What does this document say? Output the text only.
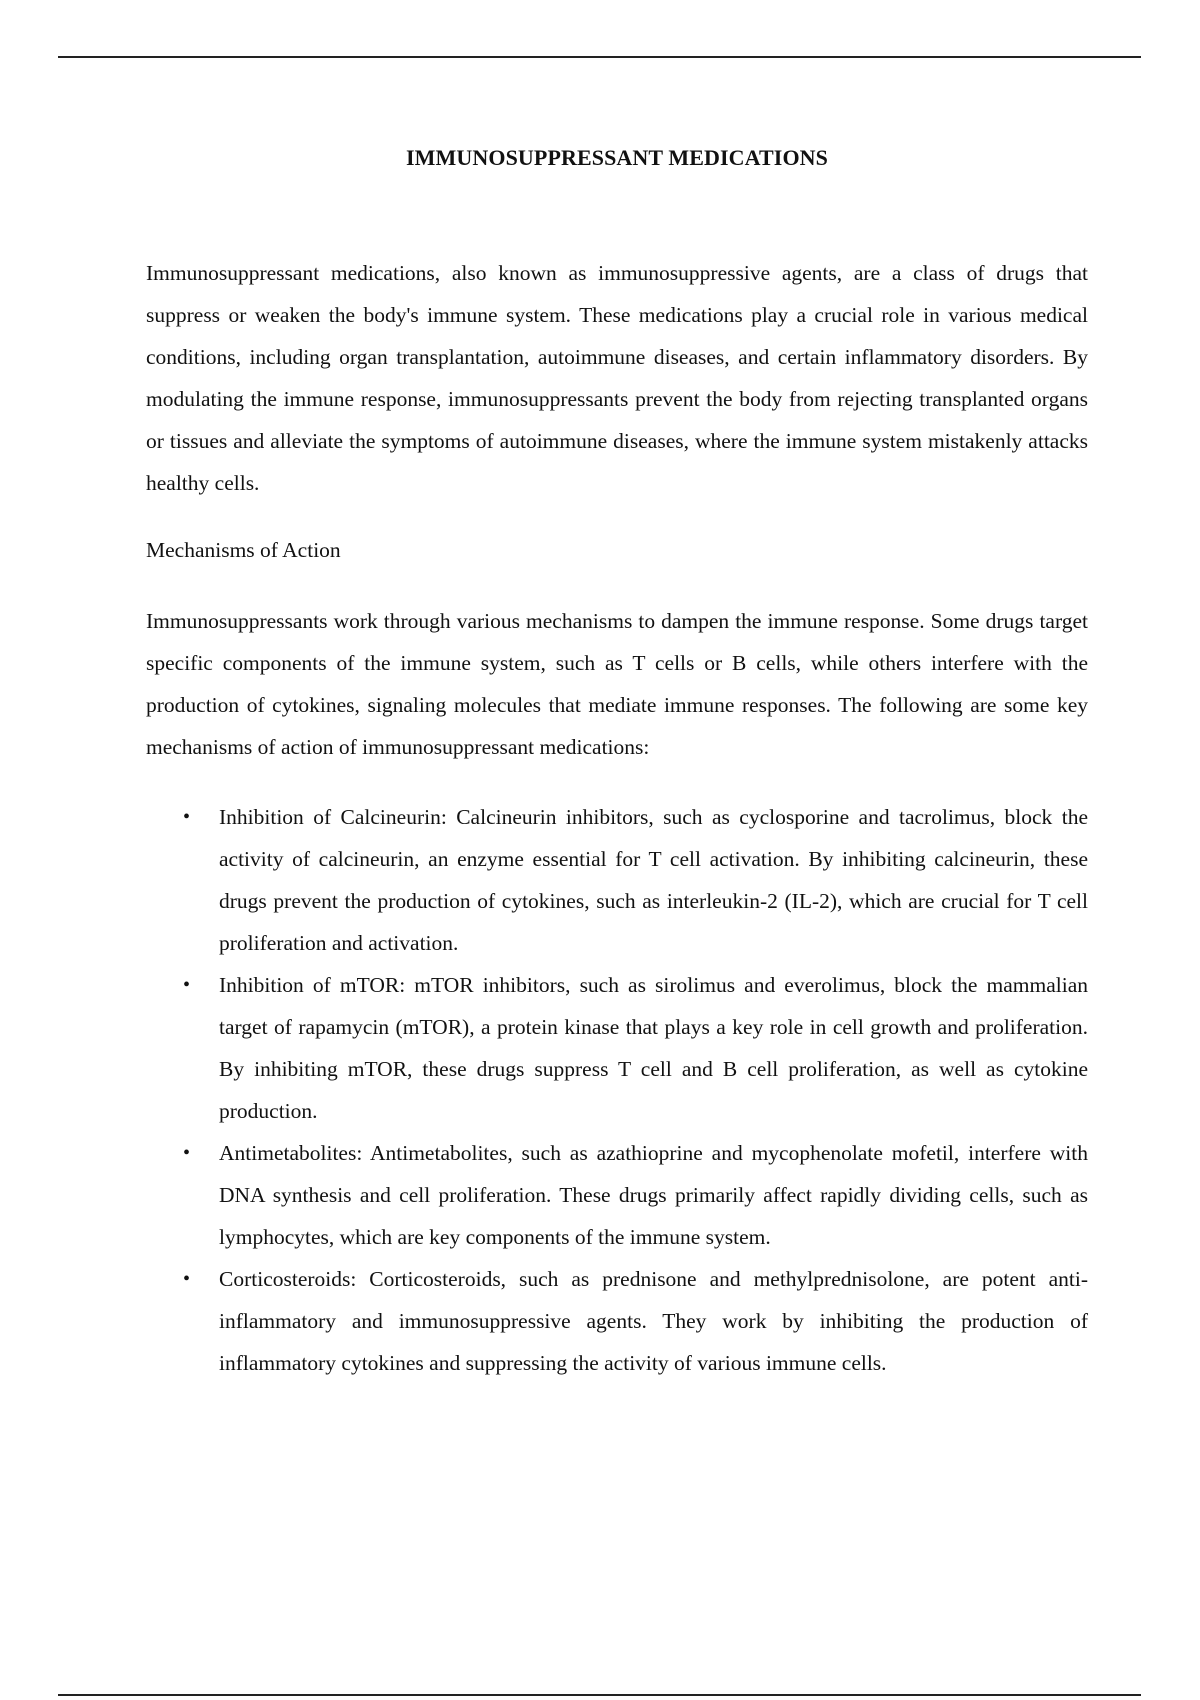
IMMUNOSUPPRESSANT MEDICATIONS

Immunosuppressant medications, also known as immunosuppressive agents, are a class of drugs that suppress or weaken the body's immune system. These medications play a crucial role in various medical conditions, including organ transplantation, autoimmune diseases, and certain inflammatory disorders. By modulating the immune response, immunosuppressants prevent the body from rejecting transplanted organs or tissues and alleviate the symptoms of autoimmune diseases, where the immune system mistakenly attacks healthy cells.

Mechanisms of Action

Immunosuppressants work through various mechanisms to dampen the immune response. Some drugs target specific components of the immune system, such as T cells or B cells, while others interfere with the production of cytokines, signaling molecules that mediate immune responses. The following are some key mechanisms of action of immunosuppressant medications:

• Inhibition of Calcineurin: Calcineurin inhibitors, such as cyclosporine and tacrolimus, block the activity of calcineurin, an enzyme essential for T cell activation. By inhibiting calcineurin, these drugs prevent the production of cytokines, such as interleukin-2 (IL-2), which are crucial for T cell proliferation and activation.
• Inhibition of mTOR: mTOR inhibitors, such as sirolimus and everolimus, block the mammalian target of rapamycin (mTOR), a protein kinase that plays a key role in cell growth and proliferation. By inhibiting mTOR, these drugs suppress T cell and B cell proliferation, as well as cytokine production.
• Antimetabolites: Antimetabolites, such as azathioprine and mycophenolate mofetil, interfere with DNA synthesis and cell proliferation. These drugs primarily affect rapidly dividing cells, such as lymphocytes, which are key components of the immune system.
• Corticosteroids: Corticosteroids, such as prednisone and methylprednisolone, are potent anti-inflammatory and immunosuppressive agents. They work by inhibiting the production of inflammatory cytokines and suppressing the activity of various immune cells.
